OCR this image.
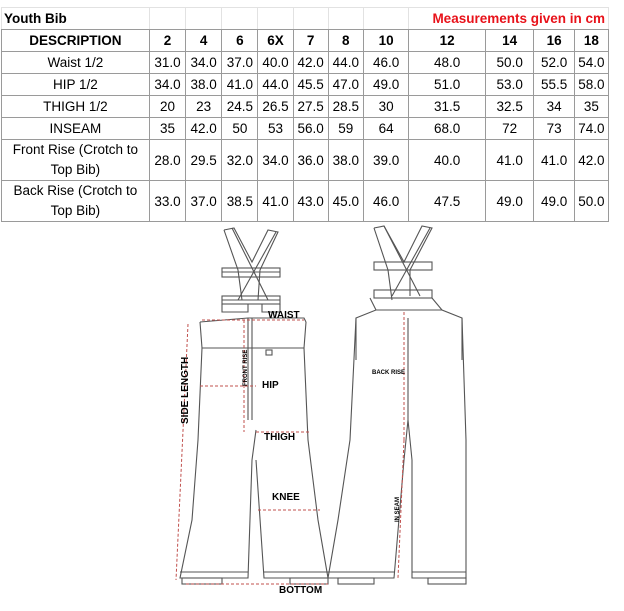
Youth Bib								Measurements given in cm			
DESCRIPTION	2	4	6	6X	7	8	10	12	14	16	18
Waist 1/2	31.0	34.0	37.0	40.0	42.0	44.0	46.0	48.0	50.0	52.0	54.0
HIP 1/2	34.0	38.0	41.0	44.0	45.5	47.0	49.0	51.0	53.0	55.5	58.0
THIGH 1/2	20	23	24.5	26.5	27.5	28.5	30	31.5	32.5	34	35
INSEAM	35	42.0	50	53	56.0	59	64	68.0	72	73	74.0
Front Rise (Crotch to Top Bib)	28.0	29.5	32.0	34.0	36.0	38.0	39.0	40.0	41.0	41.0	42.0
Back Rise (Crotch to Top Bib)	33.0	37.0	38.5	41.0	43.0	45.0	46.0	47.5	49.0	49.0	50.0
WAIST
HIP
THIGH
KNEE
BOTTOM
SIDE LENGTH	FRONT RISE	BACK RISE
IN SEAM
